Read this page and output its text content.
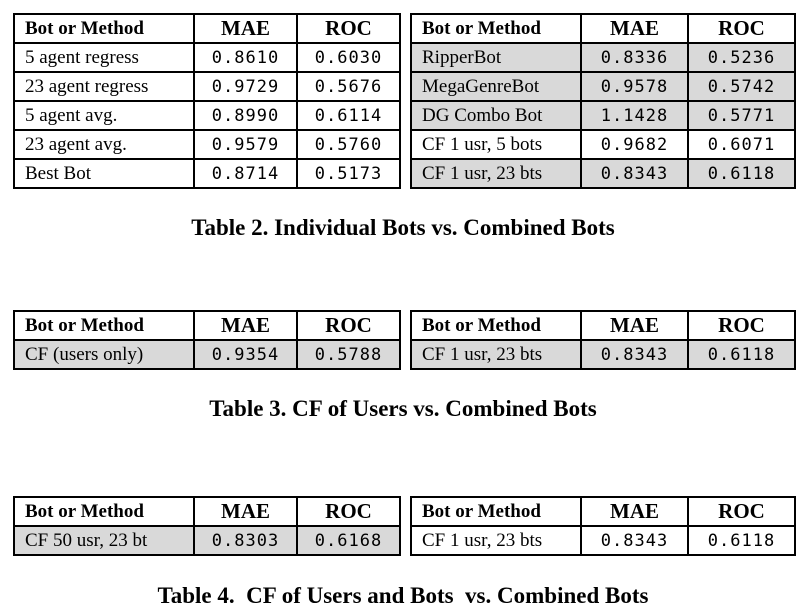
Bot or Method	MAE	ROC
5 agent regress	0.8610	0.6030
23 agent regress	0.9729	0.5676
5 agent avg.	0.8990	0.6114
23 agent avg.	0.9579	0.5760
Best Bot	0.8714	0.5173
Bot or Method	MAE	ROC
RipperBot	0.8336	0.5236
MegaGenreBot	0.9578	0.5742
DG Combo Bot	1.1428	0.5771
CF 1 usr, 5 bots	0.9682	0.6071
CF 1 usr, 23 bts	0.8343	0.6118
Table 2. Individual Bots vs. Combined Bots
Bot or Method	MAE	ROC
CF (users only)	0.9354	0.5788
Bot or Method	MAE	ROC
CF 1 usr, 23 bts	0.8343	0.6118
Table 3. CF of Users vs. Combined Bots
Bot or Method	MAE	ROC
CF 50 usr, 23 bt	0.8303	0.6168
Bot or Method	MAE	ROC
CF 1 usr, 23 bts	0.8343	0.6118
Table 4.  CF of Users and Bots  vs. Combined Bots
